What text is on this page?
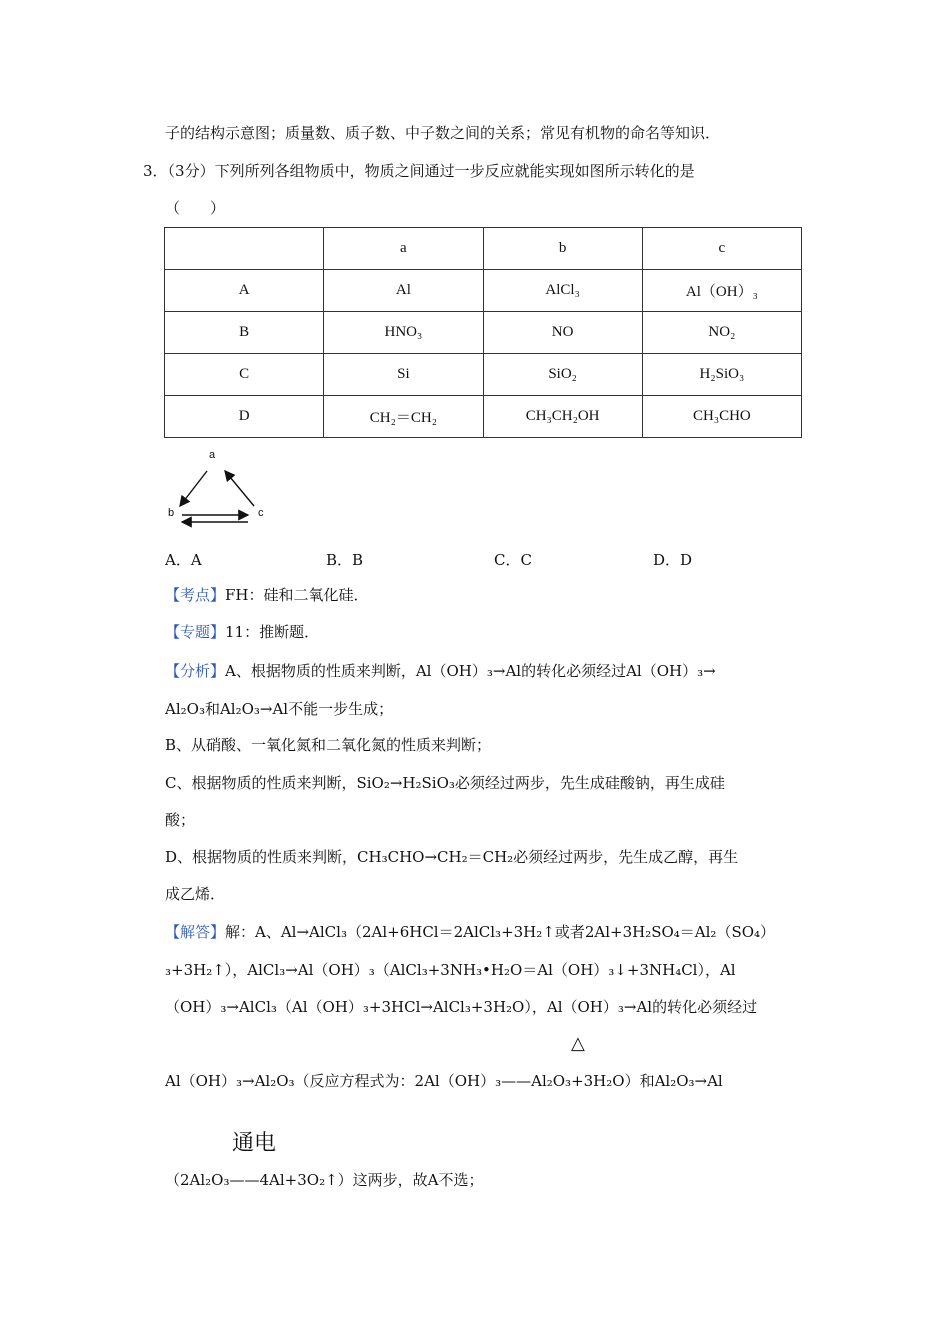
子的结构示意图；质量数、质子数、中子数之间的关系；常见有机物的命名等知识．
3．（3分）下列所列各组物质中，物质之间通过一步反应就能实现如图所示转化的是
（　　）
	a	b	c
A	Al	AlCl₃	Al（OH）₃
B	HNO₃	NO	NO₂
C	Si	SiO₂	H₂SiO₃
D	CH₂＝CH₂	CH₃CH₂OH	CH₃CHO
a
b	c
A．A	B．B	C．C	D．D
【考点】FH：硅和二氧化硅．
【专题】11：推断题．
【分析】A、根据物质的性质来判断，Al（OH）₃→Al的转化必须经过Al（OH）₃→
Al₂O₃和Al₂O₃→Al不能一步生成；
B、从硝酸、一氧化氮和二氧化氮的性质来判断；
C、根据物质的性质来判断，SiO₂→H₂SiO₃必须经过两步，先生成硅酸钠，再生成硅
酸；
D、根据物质的性质来判断，CH₃CHO→CH₂＝CH₂必须经过两步，先生成乙醇，再生
成乙烯．
【解答】解：A、Al→AlCl₃（2Al+6HCl＝2AlCl₃+3H₂↑或者2Al+3H₂SO₄＝Al₂（SO₄）
₃+3H₂↑），AlCl₃→Al（OH）₃（AlCl₃+3NH₃•H₂O＝Al（OH）₃↓+3NH₄Cl），Al
（OH）₃→AlCl₃（Al（OH）₃+3HCl→AlCl₃+3H₂O），Al（OH）₃→Al的转化必须经过
△
Al（OH）₃→Al₂O₃（反应方程式为：2Al（OH）₃——Al₂O₃+3H₂O）和Al₂O₃→Al
通电
（2Al₂O₃——4Al+3O₂↑）这两步，故A不选；
